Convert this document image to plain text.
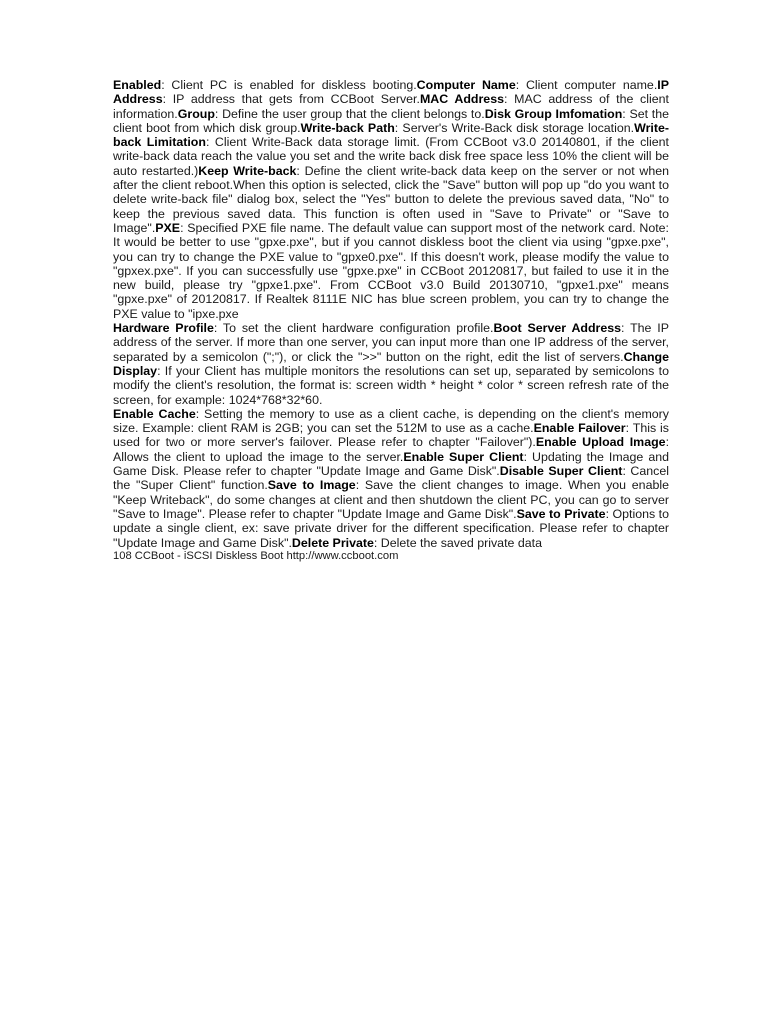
Enabled: Client PC is enabled for diskless booting.Computer Name: Client computer name.IP Address: IP address that gets from CCBoot Server.MAC Address: MAC address of the client information.Group: Define the user group that the client belongs to.Disk Group Imfomation: Set the client boot from which disk group.Write-back Path: Server's Write-Back disk storage location.Write-back Limitation: Client Write-Back data storage limit. (From CCBoot v3.0 20140801, if the client write-back data reach the value you set and the write back disk free space less 10% the client will be auto restarted.)Keep Write-back: Define the client write-back data keep on the server or not when after the client reboot.When this option is selected, click the "Save" button will pop up "do you want to delete write-back file" dialog box, select the "Yes" button to delete the previous saved data, "No" to keep the previous saved data. This function is often used in "Save to Private" or "Save to Image".PXE: Specified PXE file name. The default value can support most of the network card. Note: It would be better to use "gpxe.pxe", but if you cannot diskless boot the client via using "gpxe.pxe", you can try to change the PXE value to "gpxe0.pxe". If this doesn't work, please modify the value to "gpxex.pxe". If you can successfully use "gpxe.pxe" in CCBoot 20120817, but failed to use it in the new build, please try "gpxe1.pxe". From CCBoot v3.0 Build 20130710, "gpxe1.pxe" means "gpxe.pxe" of 20120817. If Realtek 8111E NIC has blue screen problem, you can try to change the PXE value to "ipxe.pxe

Hardware Profile: To set the client hardware configuration profile.Boot Server Address: The IP address of the server. If more than one server, you can input more than one IP address of the server, separated by a semicolon (";"), or click the ">>" button on the right, edit the list of servers.Change Display: If your Client has multiple monitors the resolutions can set up, separated by semicolons to modify the client's resolution, the format is: screen width * height * color * screen refresh rate of the screen, for example: 1024*768*32*60.

Enable Cache: Setting the memory to use as a client cache, is depending on the client's memory size. Example: client RAM is 2GB; you can set the 512M to use as a cache.Enable Failover: This is used for two or more server's failover. Please refer to chapter "Failover").Enable Upload Image: Allows the client to upload the image to the server.Enable Super Client: Updating the Image and Game Disk. Please refer to chapter "Update Image and Game Disk".Disable Super Client: Cancel the "Super Client" function.Save to Image: Save the client changes to image. When you enable "Keep Writeback", do some changes at client and then shutdown the client PC, you can go to server "Save to Image". Please refer to chapter "Update Image and Game Disk".Save to Private: Options to update a single client, ex: save private driver for the different specification. Please refer to chapter "Update Image and Game Disk".Delete Private: Delete the saved private data

108 CCBoot - iSCSI Diskless Boot http://www.ccboot.com
